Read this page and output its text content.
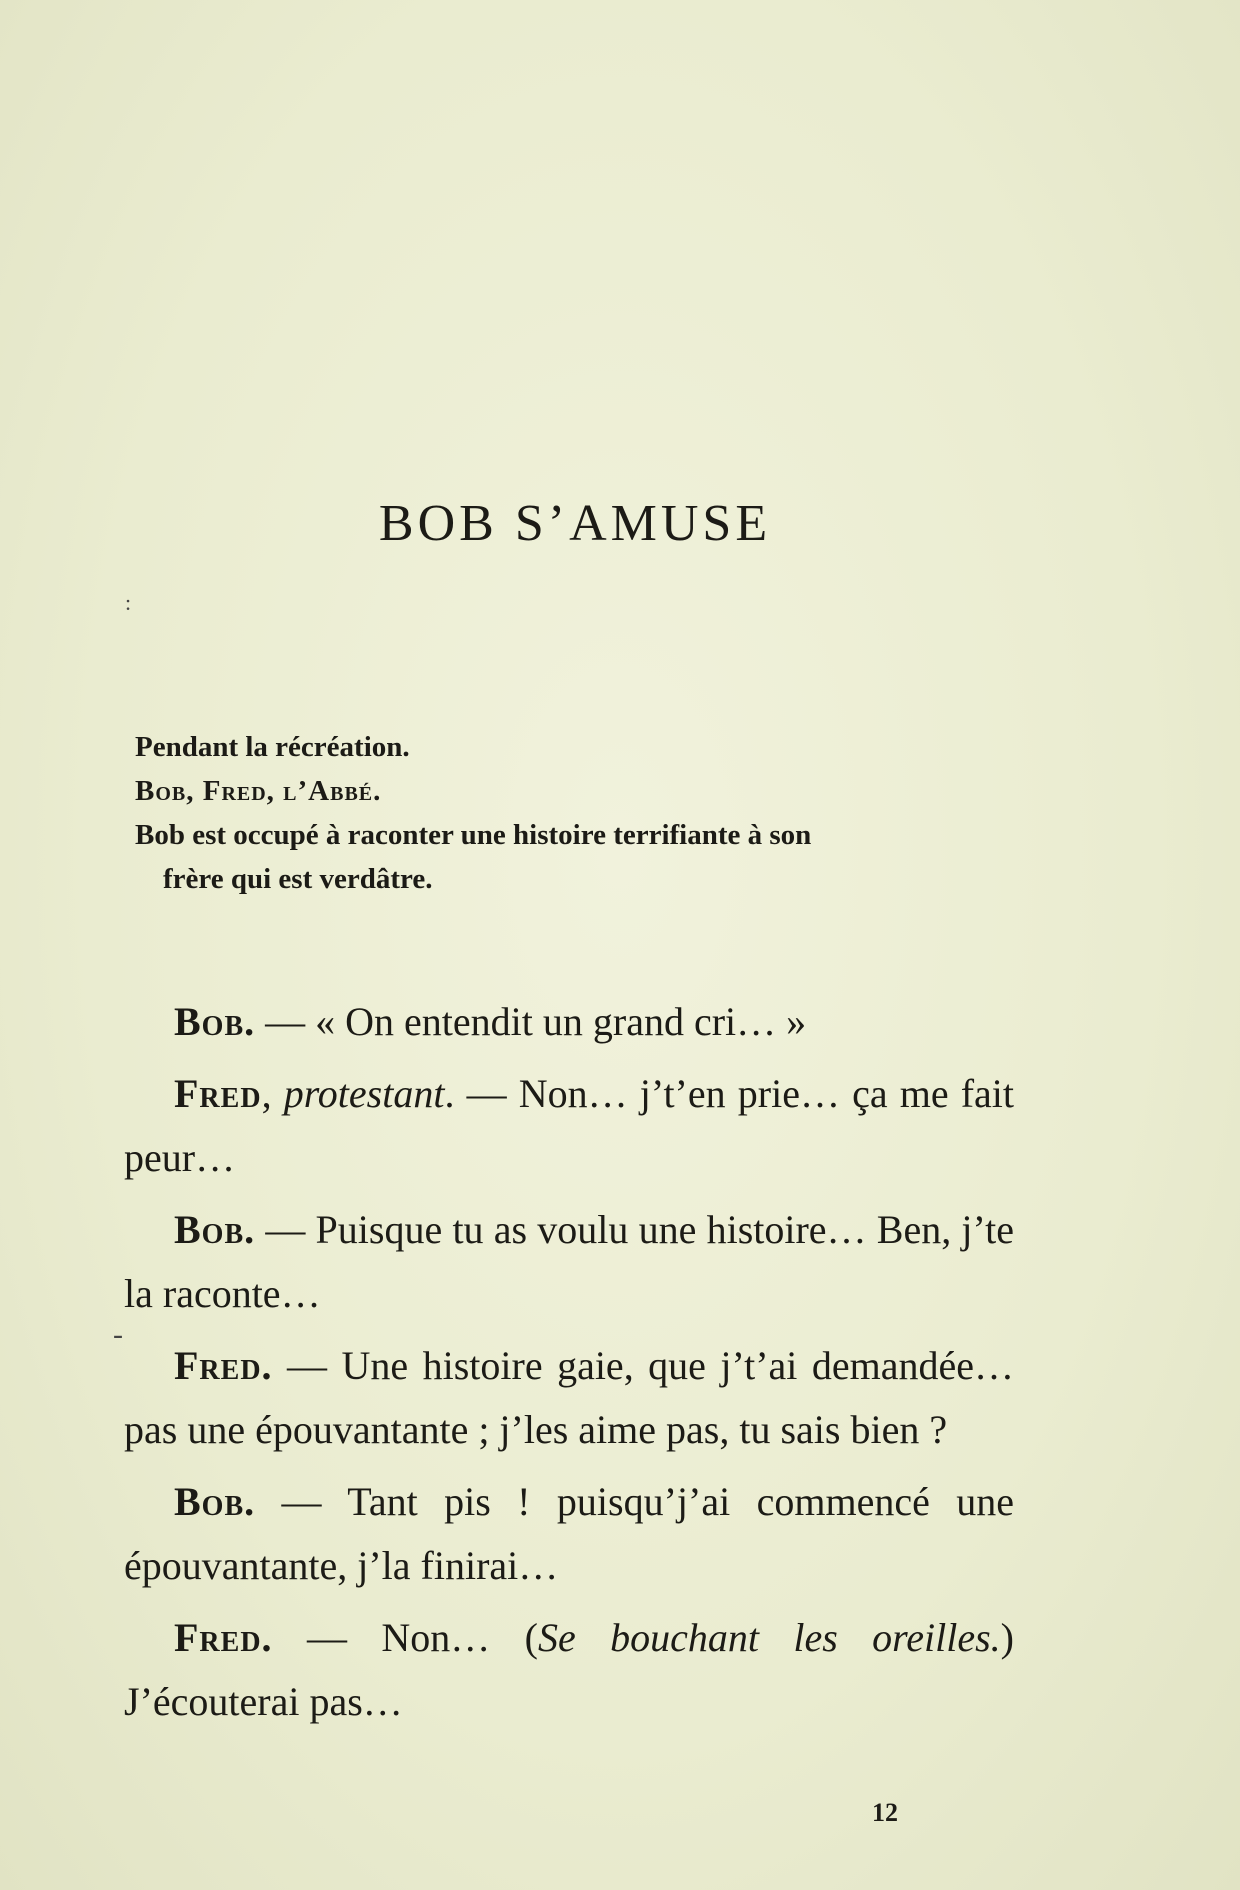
BOB S’AMUSE
:
Pendant la récréation.
Bob, Fred, l’Abbé.
Bob est occupé à raconter une histoire terrifiante à son
frère qui est verdâtre.

Bob. — « On entendit un grand cri… »

Fred, protestant. — Non… j’t’en prie… ça me fait peur…

Bob. — Puisque tu as voulu une histoire… Ben, j’te la raconte…

Fred. — Une histoire gaie, que j’t’ai demandée… pas une épouvantante ; j’les aime pas, tu sais bien ?

Bob. — Tant pis ! puisqu’j’ai commencé une épouvantante, j’la finirai…

Fred. — Non… (Se bouchant les oreilles.) J’écouterai pas…

-
12
